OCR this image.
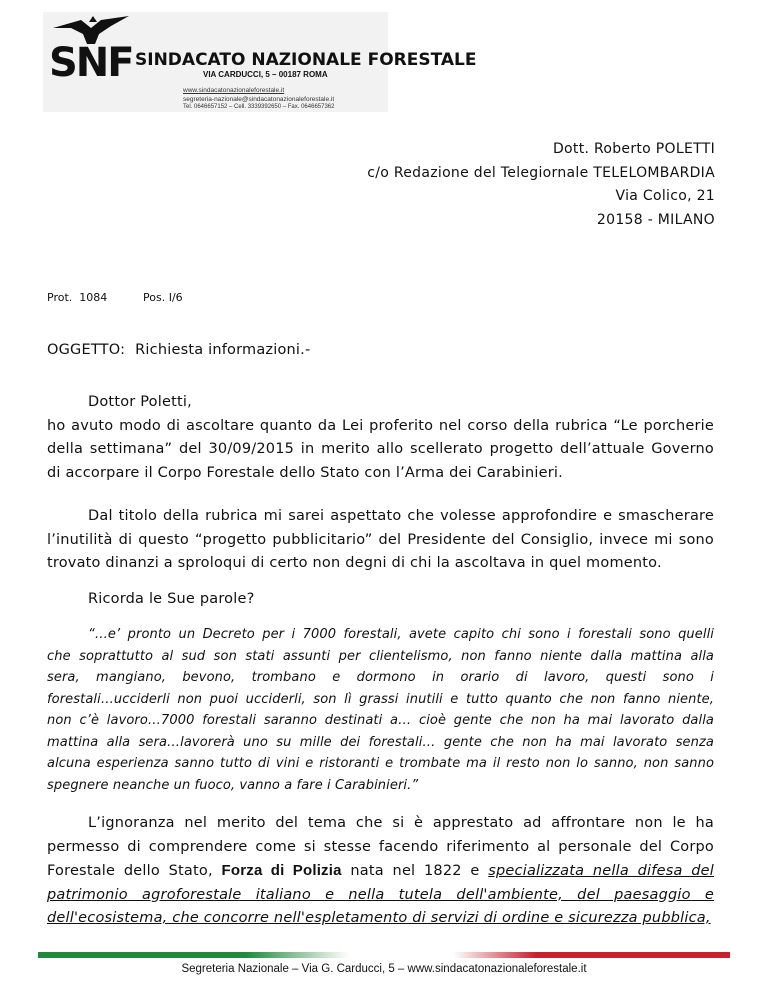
SNF SINDACATO NAZIONALE FORESTALE
VIA CARDUCCI, 5 – 00187 ROMA
www.sindacatonazionaleforestale.it
segreteria-nazionale@sindacatonazionaleforestale.it
Tel. 0646657152 – Cell. 3339392650 – Fax. 0646657362
Dott. Roberto POLETTI
c/o Redazione del Telegiornale TELELOMBARDIA
Via Colico, 21
20158 - MILANO
Prot.  1084	Pos. I/6
OGGETTO: Richiesta informazioni.-
Dottor Poletti,
ho avuto modo di ascoltare quanto da Lei proferito nel corso della rubrica “Le porcherie
della settimana” del 30/09/2015 in merito allo scellerato progetto dell’attuale Governo
di accorpare il Corpo Forestale dello Stato con l’Arma dei Carabinieri.
Dal titolo della rubrica mi sarei aspettato che volesse approfondire e smascherare
l’inutilità di questo “progetto pubblicitario” del Presidente del Consiglio, invece mi sono
trovato dinanzi a sproloqui di certo non degni di chi la ascoltava in quel momento.
Ricorda le Sue parole?
“…e’ pronto un Decreto per i 7000 forestali, avete capito chi sono i forestali sono quelli
che soprattutto al sud son stati assunti per clientelismo, non fanno niente dalla mattina alla
sera, mangiano, bevono, trombano e dormono in orario di lavoro, questi sono i
forestali…ucciderli non puoi ucciderli, son lì grassi inutili e tutto quanto che non fanno niente,
non c’è lavoro…7000 forestali saranno destinati a… cioè gente che non ha mai lavorato dalla
mattina alla sera…lavorerà uno su mille dei forestali… gente che non ha mai lavorato senza
alcuna esperienza sanno tutto di vini e ristoranti e trombate ma il resto non lo sanno, non sanno
spegnere neanche un fuoco, vanno a fare i Carabinieri.”
L’ignoranza nel merito del tema che si è apprestato ad affrontare non le ha
permesso di comprendere come si stesse facendo riferimento al personale del Corpo
Forestale dello Stato, Forza di Polizia nata nel 1822 e specializzata nella difesa del
patrimonio agroforestale italiano e nella tutela dell'ambiente, del paesaggio e
dell'ecosistema, che concorre nell'espletamento di servizi di ordine e sicurezza pubblica,
Segreteria Nazionale – Via G. Carducci, 5 – www.sindacatonazionaleforestale.it
